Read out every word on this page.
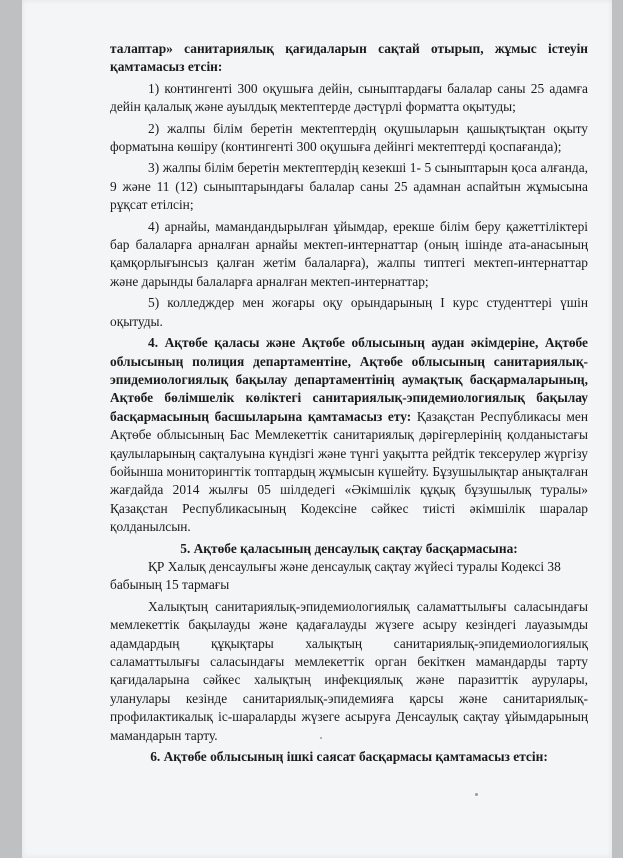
талаптар» санитариялық қағидаларын сақтай отырып, жұмыс істеуін қамтамасыз етсін:

1) контингенті 300 оқушыға дейін, сыныптардағы балалар саны 25 адамға дейін қалалық және ауылдық мектептерде дәстүрлі форматта оқытуды;

2) жалпы білім беретін мектептердің оқушыларын қашықтықтан оқыту форматына көшіру (контингенті 300 оқушыға дейінгі мектептерді қоспағанда);

3) жалпы білім беретін мектептердің кезекші 1- 5 сыныптарын қоса алғанда, 9 және 11 (12) сыныптарындағы балалар саны 25 адамнан аспайтын жұмысына рұқсат етілсін;

4) арнайы, мамандандырылған ұйымдар, ерекше білім беру қажеттіліктері бар балаларға арналған арнайы мектеп-интернаттар (оның ішінде ата-анасының қамқорлығынсыз қалған жетім балаларға), жалпы типтегі мектеп-интернаттар және дарынды балаларға арналған мектеп-интернаттар;

5) колледждер мен жоғары оқу орындарының I курс студенттері үшін оқытуды.

4. Ақтөбе қаласы және Ақтөбе облысының аудан әкімдеріне, Ақтөбе облысының полиция департаментіне, Ақтөбе облысының санитариялық- эпидемиологиялық бақылау департаментінің аумақтық басқармаларының, Ақтөбе бөлімшелік көліктегі санитариялық-эпидемиологиялық бақылау басқармасының басшыларына қамтамасыз ету: Қазақстан Республикасы мен Ақтөбе облысының Бас Мемлекеттік санитариялық дәрігерлерінің қолданыстағы қаулыларының сақталуына күндізгі және түнгі уақытта рейдтік тексерулер жүргізу бойынша мониторингтік топтардың жұмысын күшейту. Бұзушылықтар анықталған жағдайда 2014 жылғы 05 шілдедегі «Әкімшілік құқық бұзушылық туралы» Қазақстан Республикасының Кодексіне сәйкес тиісті әкімшілік шаралар қолданылсын.

5. Ақтөбе қаласының денсаулық сақтау басқармасына:

ҚР Халық денсаулығы және денсаулық сақтау жүйесі туралы Кодексі 38 бабының 15 тармағы

Халықтың санитариялық-эпидемиологиялық саламаттылығы саласындағы мемлекеттік бақылауды және қадағалауды жүзеге асыру кезіндегі лауазымды адамдардың құқықтары халықтың санитариялық-эпидемиологиялық саламаттылығы саласындағы мемлекеттік орган бекіткен мамандарды тарту қағидаларына сәйкес халықтың инфекциялық және паразиттік аурулары, уланулары кезінде санитариялық-эпидемияға қарсы және санитариялық-профилактикалық іс-шараларды жүзеге асыруға Денсаулық сақтау ұйымдарының мамандарын тарту.

6. Ақтөбе облысының ішкі саясат басқармасы қамтамасыз етсін:
